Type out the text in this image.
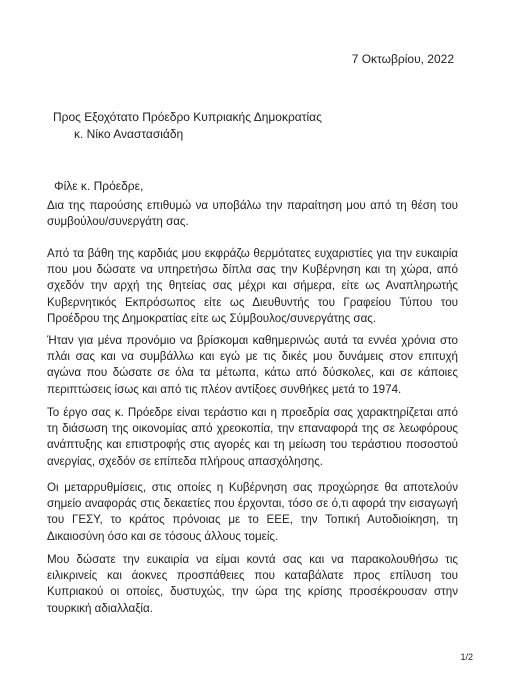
7 Οκτωβρίου, 2022
Προς Εξοχότατο Πρόεδρο Κυπριακής Δημοκρατίας
κ. Νίκο Αναστασιάδη
Φίλε κ. Πρόεδρε,

Δια της παρούσης επιθυμώ να υποβάλω την παραίτηση μου από τη θέση του συμβούλου/συνεργάτη σας.

Από τα βάθη της καρδιάς μου εκφράζω θερμότατες ευχαριστίες για την ευκαιρία που μου δώσατε να υπηρετήσω δίπλα σας την Κυβέρνηση και τη χώρα, από σχεδόν την αρχή της θητείας σας μέχρι και σήμερα, είτε ως Αναπληρωτής Κυβερνητικός Εκπρόσωπος είτε ως Διευθυντής του Γραφείου Τύπου του Προέδρου της Δημοκρατίας είτε ως Σύμβουλος/συνεργάτης σας.

Ήταν για μένα προνόμιο να βρίσκομαι καθημερινώς αυτά τα εννέα χρόνια στο πλάι σας και να συμβάλλω και εγώ με τις δικές μου δυνάμεις στον επιτυχή αγώνα που δώσατε σε όλα τα μέτωπα, κάτω από δύσκολες, και σε κάποιες περιπτώσεις ίσως και από τις πλέον αντίξοες συνθήκες μετά το 1974.

Το έργο σας κ. Πρόεδρε είναι τεράστιο και η προεδρία σας χαρακτηρίζεται από τη διάσωση της οικονομίας από χρεοκοπία, την επαναφορά της σε λεωφόρους ανάπτυξης και επιστροφής στις αγορές και τη μείωση του τεράστιου ποσοστού ανεργίας, σχεδόν σε επίπεδα πλήρους απασχόλησης.

Οι μεταρρυθμίσεις, στις οποίες η Κυβέρνηση σας προχώρησε θα αποτελούν σημείο αναφοράς στις δεκαετίες που έρχονται, τόσο σε ό,τι αφορά την εισαγωγή του ΓΕΣΥ, το κράτος πρόνοιας με το ΕΕΕ, την Τοπική Αυτοδιοίκηση, τη Δικαιοσύνη όσο και σε τόσους άλλους τομείς.

Μου δώσατε την ευκαιρία να είμαι κοντά σας και να παρακολουθήσω τις ειλικρινείς και άοκνες προσπάθειες που καταβάλατε προς επίλυση του Κυπριακού οι οποίες, δυστυχώς, την ώρα της κρίσης προσέκρουσαν στην τουρκική αδιαλλαξία.

1/2
